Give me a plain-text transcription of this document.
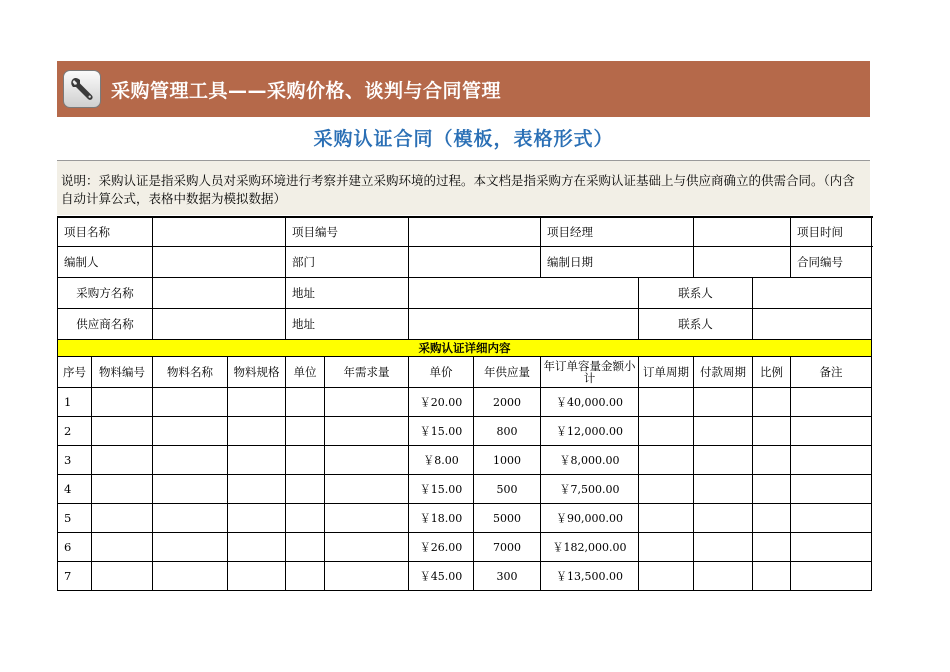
采购管理工具——采购价格、谈判与合同管理
采购认证合同（模板，表格形式）
说明：采购认证是指采购人员对采购环境进行考察并建立采购环境的过程。本文档是指采购方在采购认证基础上与供应商确立的供需合同。（内含自动计算公式，表格中数据为模拟数据）
项目名称				项目编号				项目经理				项目时间	
编制人				部门				编制日期				合同编号	
采购方名称				地址					联系人			
供应商名称				地址					联系人			
采购认证详细内容													
序号	物料编号	物料名称	物料规格	单位	年需求量	单价	年供应量	年订单容量金额小计	订单周期	付款周期	比例	备注	
1						￥20.00	2000	￥40,000.00					
2						￥15.00	800	￥12,000.00					
3						￥8.00	1000	￥8,000.00					
4						￥15.00	500	￥7,500.00					
5						￥18.00	5000	￥90,000.00					
6						￥26.00	7000	￥182,000.00					
7						￥45.00	300	￥13,500.00					
